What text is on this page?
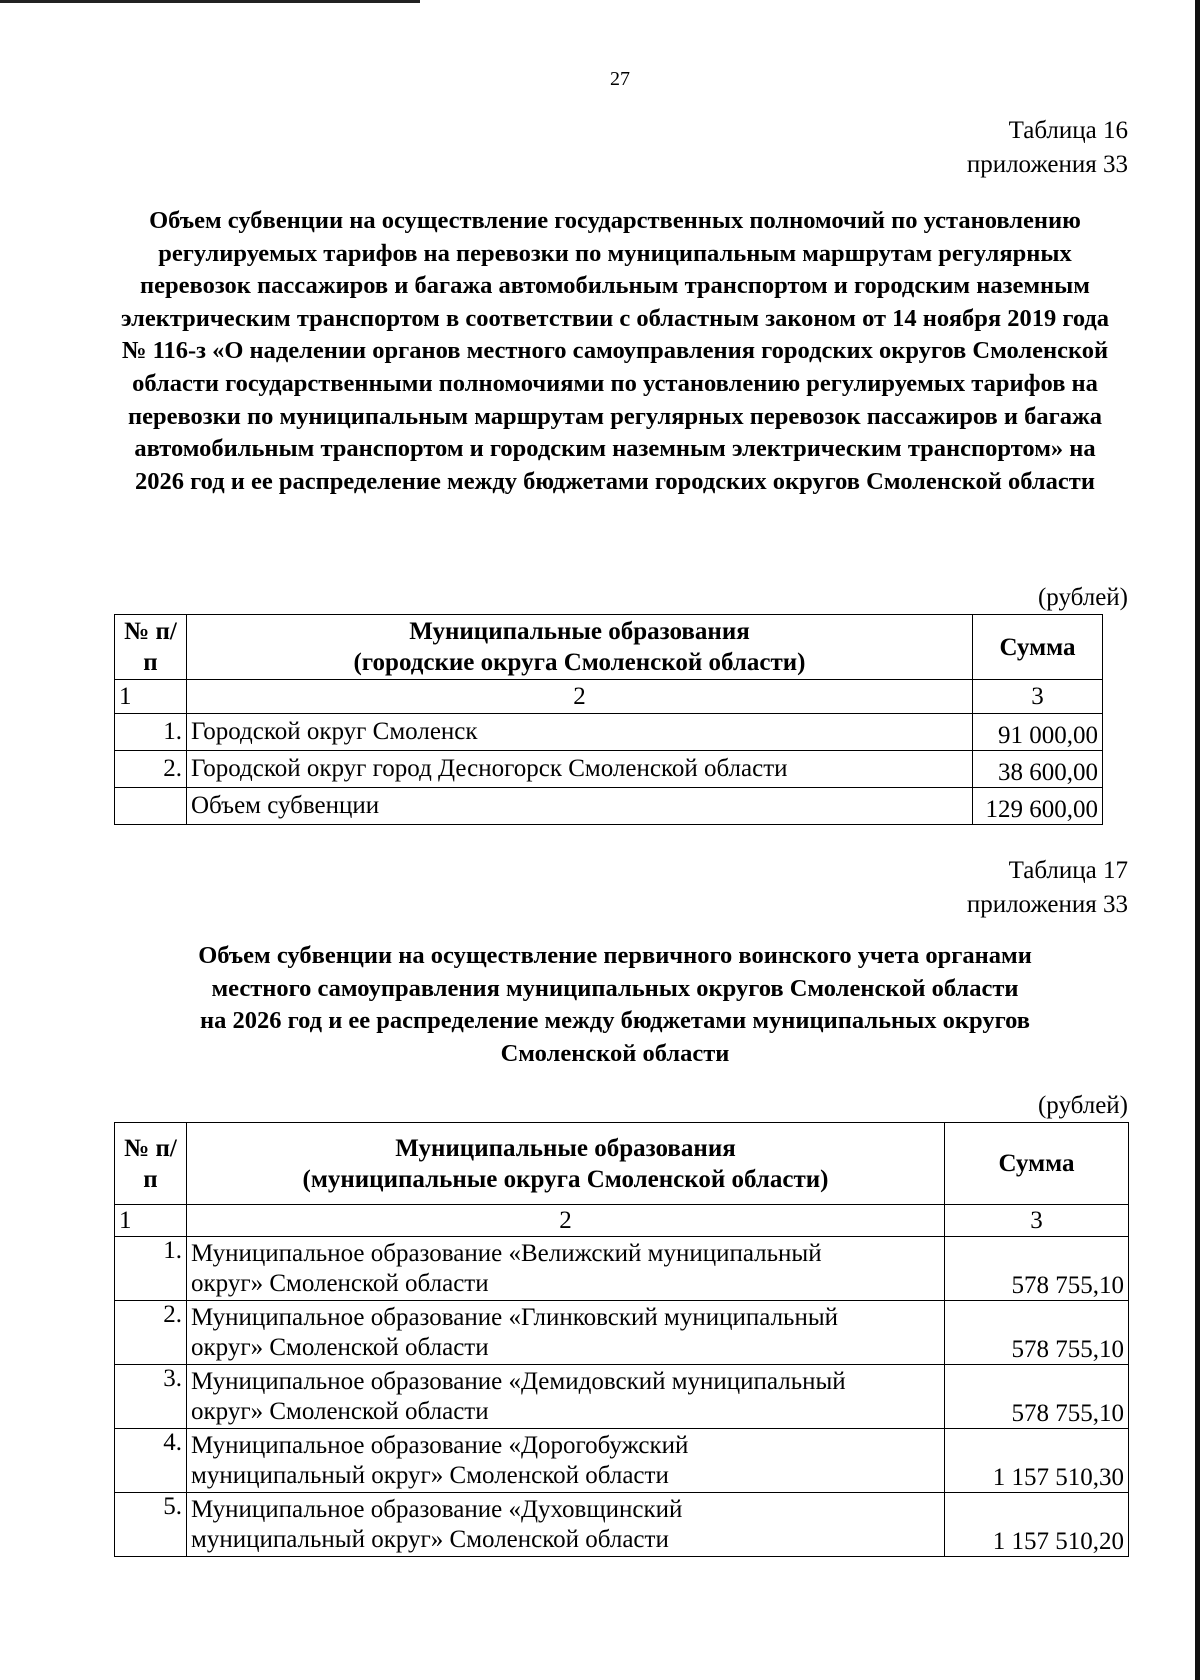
27
Таблица 16
приложения 33
Объем субвенции на осуществление государственных полномочий по установлению регулируемых тарифов на перевозки по муниципальным маршрутам регулярных перевозок пассажиров и багажа автомобильным транспортом и городским наземным электрическим транспортом в соответствии с областным законом от 14 ноября 2019 года № 116-з «О наделении органов местного самоуправления городских округов Смоленской области государственными полномочиями по установлению регулируемых тарифов на перевозки по муниципальным маршрутам регулярных перевозок пассажиров и багажа автомобильным транспортом и городским наземным электрическим транспортом» на 2026 год и ее распределение между бюджетами городских округов Смоленской области
(рублей)
№ п/п	Муниципальные образования
(городские округа Смоленской области)	Сумма
1	2	3
1.	Городской округ Смоленск	91 000,00
2.	Городской округ город Десногорск Смоленской области	38 600,00
	Объем субвенции	129 600,00
Таблица 17
приложения 33
Объем субвенции на осуществление первичного воинского учета органами
местного самоуправления муниципальных округов Смоленской области
на 2026 год и ее распределение между бюджетами муниципальных округов
Смоленской области
(рублей)
№ п/п	Муниципальные образования
(муниципальные округа Смоленской области)	Сумма
1	2	3
1.	Муниципальное образование «Велижский муниципальный
округ» Смоленской области	578 755,10
2.	Муниципальное образование «Глинковский муниципальный
округ» Смоленской области	578 755,10
3.	Муниципальное образование «Демидовский муниципальный
округ» Смоленской области	578 755,10
4.	Муниципальное образование «Дорогобужский
муниципальный округ» Смоленской области	1 157 510,30
5.	Муниципальное образование «Духовщинский
муниципальный округ» Смоленской области	1 157 510,20
